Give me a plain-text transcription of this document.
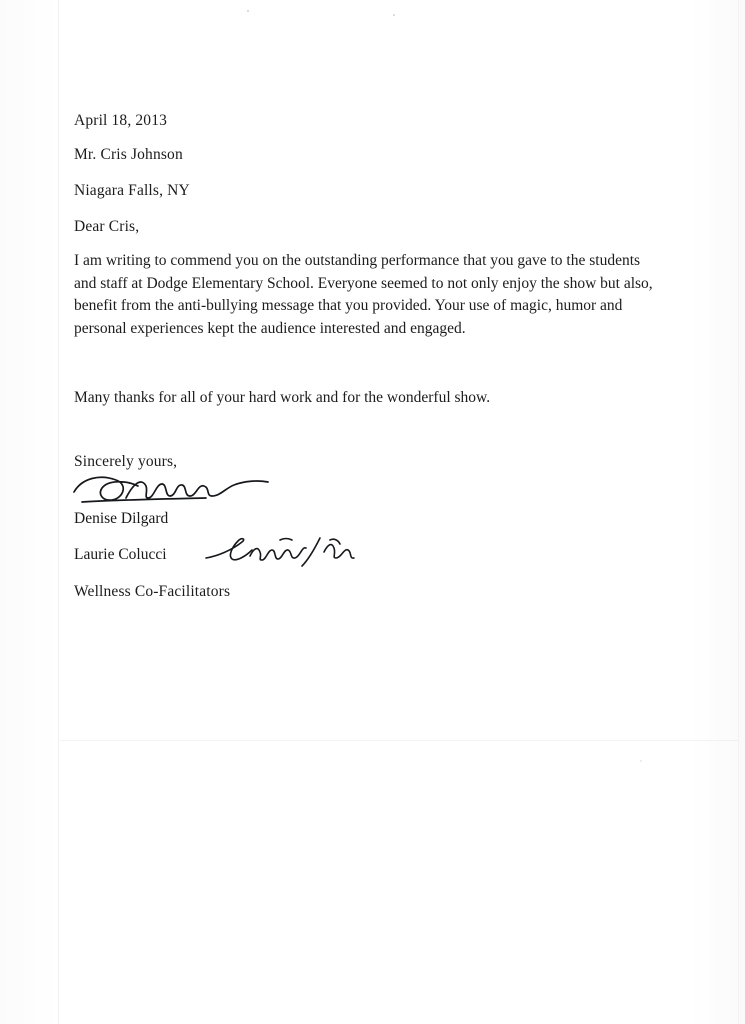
April 18, 2013

Mr. Cris Johnson

Niagara Falls, NY

Dear Cris,

I am writing to commend you on the outstanding performance that you gave to the students and staff at Dodge Elementary School. Everyone seemed to not only enjoy the show but also, benefit from the anti-bullying message that you provided. Your use of magic, humor and personal experiences kept the audience interested and engaged.

Many thanks for all of your hard work and for the wonderful show.

Sincerely yours,

Denise Dilgard

Laurie Colucci

Wellness Co-Facilitators
